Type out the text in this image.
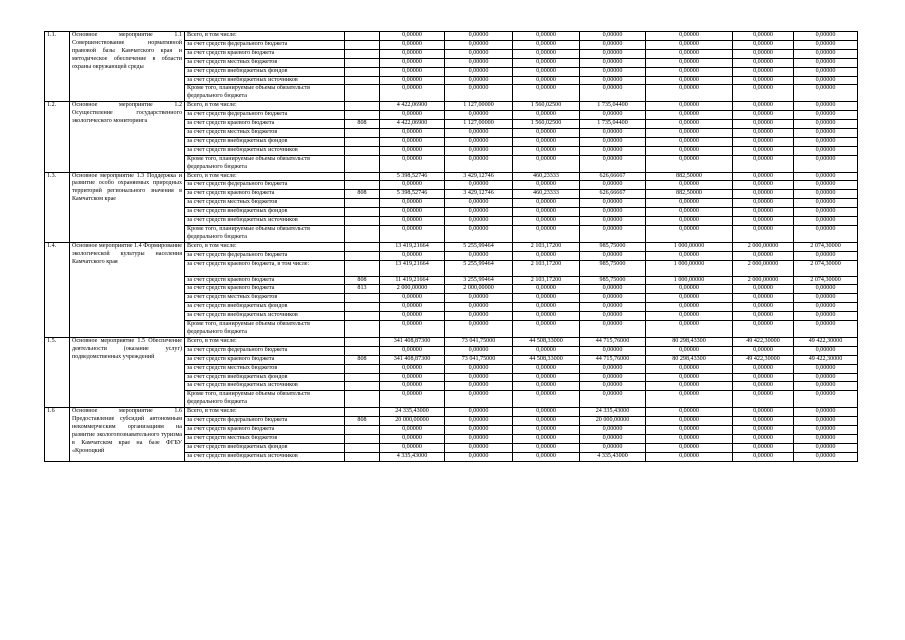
1.1.	Основное мероприятие 1.1 Совершенствование нормативной правовой базы Камчатского края и методическое обеспечение в области охраны окружающей среды	Всего, в том числе:		0,00000	0,00000	0,00000	0,00000	0,00000	0,00000	0,00000
		за счет средств федерального бюджета		0,00000	0,00000	0,00000	0,00000	0,00000	0,00000	0,00000
		за счет средств краевого бюджета		0,00000	0,00000	0,00000	0,00000	0,00000	0,00000	0,00000
		за счет средств местных бюджетов		0,00000	0,00000	0,00000	0,00000	0,00000	0,00000	0,00000
		за счет средств внебюджетных фондов		0,00000	0,00000	0,00000	0,00000	0,00000	0,00000	0,00000
		за счет средств внебюджетных источников		0,00000	0,00000	0,00000	0,00000	0,00000	0,00000	0,00000
		Кроме того, планируемые объемы обязательств федерального бюджета		0,00000	0,00000	0,00000	0,00000	0,00000	0,00000	0,00000
1.2.	Основное мероприятие 1.2 Осуществление государственного экологического мониторинга	Всего, в том числе:		4 422,06900	1 127,00000	1 560,02500	1 735,04400	0,00000	0,00000	0,00000
		за счет средств федерального бюджета		0,00000	0,00000	0,00000	0,00000	0,00000	0,00000	0,00000
		за счет средств краевого бюджета	808	4 422,06900	1 127,00000	1 560,02500	1 735,04400	0,00000	0,00000	0,00000
		за счет средств местных бюджетов		0,00000	0,00000	0,00000	0,00000	0,00000	0,00000	0,00000
		за счет средств внебюджетных фондов		0,00000	0,00000	0,00000	0,00000	0,00000	0,00000	0,00000
		за счет средств внебюджетных источников		0,00000	0,00000	0,00000	0,00000	0,00000	0,00000	0,00000
		Кроме того, планируемые объемы обязательств федерального бюджета		0,00000	0,00000	0,00000	0,00000	0,00000	0,00000	0,00000
1.3.	Основное мероприятие 1.3 Поддержка и развитие особо охраняемых природных территорий регионального значения в Камчатском крае	Всего, в том числе:		5 398,52746	3 429,12746	460,23333	626,66667	882,50000	0,00000	0,00000
		за счет средств федерального бюджета		0,00000	0,00000	0,00000	0,00000	0,00000	0,00000	0,00000
		за счет средств краевого бюджета	808	5 398,52746	3 429,12746	460,23333	626,66667	882,50000	0,00000	0,00000
		за счет средств местных бюджетов		0,00000	0,00000	0,00000	0,00000	0,00000	0,00000	0,00000
		за счет средств внебюджетных фондов		0,00000	0,00000	0,00000	0,00000	0,00000	0,00000	0,00000
		за счет средств внебюджетных источников		0,00000	0,00000	0,00000	0,00000	0,00000	0,00000	0,00000
		Кроме того, планируемые объемы обязательств федерального бюджета		0,00000	0,00000	0,00000	0,00000	0,00000	0,00000	0,00000
1.4.	Основное мероприятие 1.4 Формирование экологической культуры населения Камчатского края	Всего, в том числе:		13 419,21664	5 255,99464	2 103,17200	985,75000	1 000,00000	2 000,00000	2 074,30000
		за счет средств федерального бюджета		0,00000	0,00000	0,00000	0,00000	0,00000	0,00000	0,00000
		за счет средств краевого бюджета, в том числе:		13 419,21664	5 255,99464	2 103,17200	985,75000	1 000,00000	2 000,00000	2 074,30000
		за счет средств краевого бюджета	808	11 419,21664	3 255,99464	2 103,17200	985,75000	1 000,00000	2 000,00000	2 074,30000
		за счет средств краевого бюджета	813	2 000,00000	2 000,00000	0,00000	0,00000	0,00000	0,00000	0,00000
		за счет средств местных бюджетов		0,00000	0,00000	0,00000	0,00000	0,00000	0,00000	0,00000
		за счет средств внебюджетных фондов		0,00000	0,00000	0,00000	0,00000	0,00000	0,00000	0,00000
		за счет средств внебюджетных источников		0,00000	0,00000	0,00000	0,00000	0,00000	0,00000	0,00000
		Кроме того, планируемые объемы обязательств федерального бюджета		0,00000	0,00000	0,00000	0,00000	0,00000	0,00000	0,00000
1.5.	Основное мероприятие 1.5 Обеспечение деятельности (оказание услуг) подведомственных учреждений	Всего, в том числе:		341 408,87300	73 041,75000	44 508,33000	44 715,76000	80 298,43300	49 422,30000	49 422,30000
		за счет средств федерального бюджета		0,00000	0,00000	0,00000	0,00000	0,00000	0,00000	0,00000
		за счет средств краевого бюджета	808	341 408,87300	73 041,75000	44 508,33000	44 715,76000	80 298,43300	49 422,30000	49 422,30000
		за счет средств местных бюджетов		0,00000	0,00000	0,00000	0,00000	0,00000	0,00000	0,00000
		за счет средств внебюджетных фондов		0,00000	0,00000	0,00000	0,00000	0,00000	0,00000	0,00000
		за счет средств внебюджетных источников		0,00000	0,00000	0,00000	0,00000	0,00000	0,00000	0,00000
		Кроме того, планируемые объемы обязательств федерального бюджета		0,00000	0,00000	0,00000	0,00000	0,00000	0,00000	0,00000
1.6	Основное мероприятие 1.6 Предоставление субсидий автономным некоммерческим организациям на развитие экологопознавательного туризма в Камчатском крае на базе ФГБУ «Кроноцкий	Всего, в том числе:		24 335,43000	0,00000	0,00000	24 335,43000	0,00000	0,00000	0,00000
		за счет средств федерального бюджета	808	20 000,00000	0,00000	0,00000	20 000,00000	0,00000	0,00000	0,00000
		за счет средств краевого бюджета		0,00000	0,00000	0,00000	0,00000	0,00000	0,00000	0,00000
		за счет средств местных бюджетов		0,00000	0,00000	0,00000	0,00000	0,00000	0,00000	0,00000
		за счет средств внебюджетных фондов		0,00000	0,00000	0,00000	0,00000	0,00000	0,00000	0,00000
		за счет средств внебюджетных источников		4 335,43000	0,00000	0,00000	4 335,43000	0,00000	0,00000	0,00000
